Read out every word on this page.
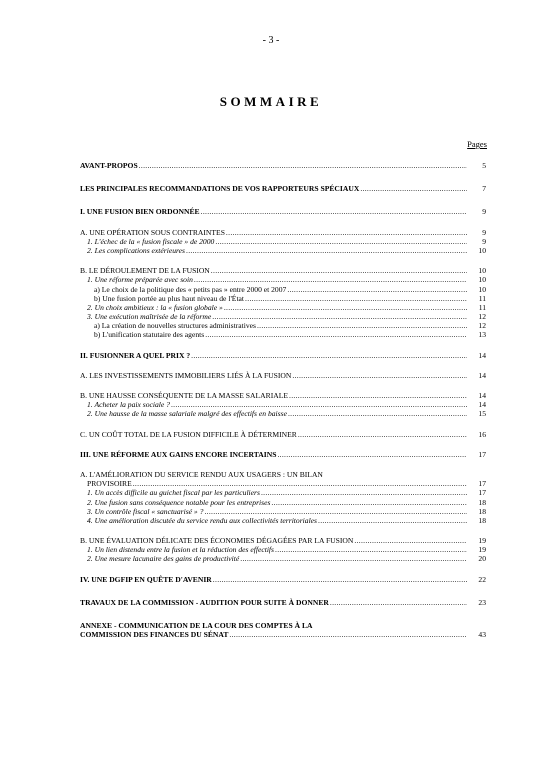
- 3 -
SOMMAIRE
Pages
AVANT-PROPOS .....	5
LES PRINCIPALES RECOMMANDATIONS DE VOS RAPPORTEURS SPÉCIAUX .....	7
I. UNE FUSION BIEN ORDONNÉE .....	9
A. UNE OPÉRATION SOUS CONTRAINTES .....	9
1. L'échec de la « fusion fiscale » de 2000 .....	9
2. Les complications extérieures .....	10
B. LE DÉROULEMENT DE LA FUSION .....	10
1. Une réforme préparée avec soin .....	10
a) Le choix de la politique des « petits pas » entre 2000 et 2007 .....	10
b) Une fusion portée au plus haut niveau de l'État .....	11
2. Un choix ambitieux : la « fusion globale » .....	11
3. Une exécution maîtrisée de la réforme .....	12
a) La création de nouvelles structures administratives .....	12
b) L'unification statutaire des agents .....	13
II. FUSIONNER A QUEL PRIX ? .....	14
A. LES INVESTISSEMENTS IMMOBILIERS LIÉS À LA FUSION .....	14
B. UNE HAUSSE CONSÉQUENTE DE LA MASSE SALARIALE .....	14
1. Acheter la paix sociale ? .....	14
2. Une hausse de la masse salariale malgré des effectifs en baisse .....	15
C. UN COÛT TOTAL DE LA FUSION DIFFICILE À DÉTERMINER .....	16
III. UNE RÉFORME AUX GAINS ENCORE INCERTAINS .....	17
A. L'AMÉLIORATION DU SERVICE RENDU AUX USAGERS : UN BILAN
PROVISOIRE .....	17
1. Un accès difficile au guichet fiscal par les particuliers .....	17
2. Une fusion sans conséquence notable pour les entreprises .....	18
3. Un contrôle fiscal « sanctuarisé » ? .....	18
4. Une amélioration discutée du service rendu aux collectivités territoriales .....	18
B. UNE ÉVALUATION DÉLICATE DES ÉCONOMIES DÉGAGÉES PAR LA FUSION .....	19
1. Un lien distendu entre la fusion et la réduction des effectifs .....	19
2. Une mesure lacunaire des gains de productivité .....	20
IV. UNE DGFIP EN QUÊTE D'AVENIR .....	22
TRAVAUX DE LA COMMISSION - AUDITION POUR SUITE À DONNER .....	23
ANNEXE - COMMUNICATION DE LA COUR DES COMPTES À LA
COMMISSION DES FINANCES DU SÉNAT .....	43
